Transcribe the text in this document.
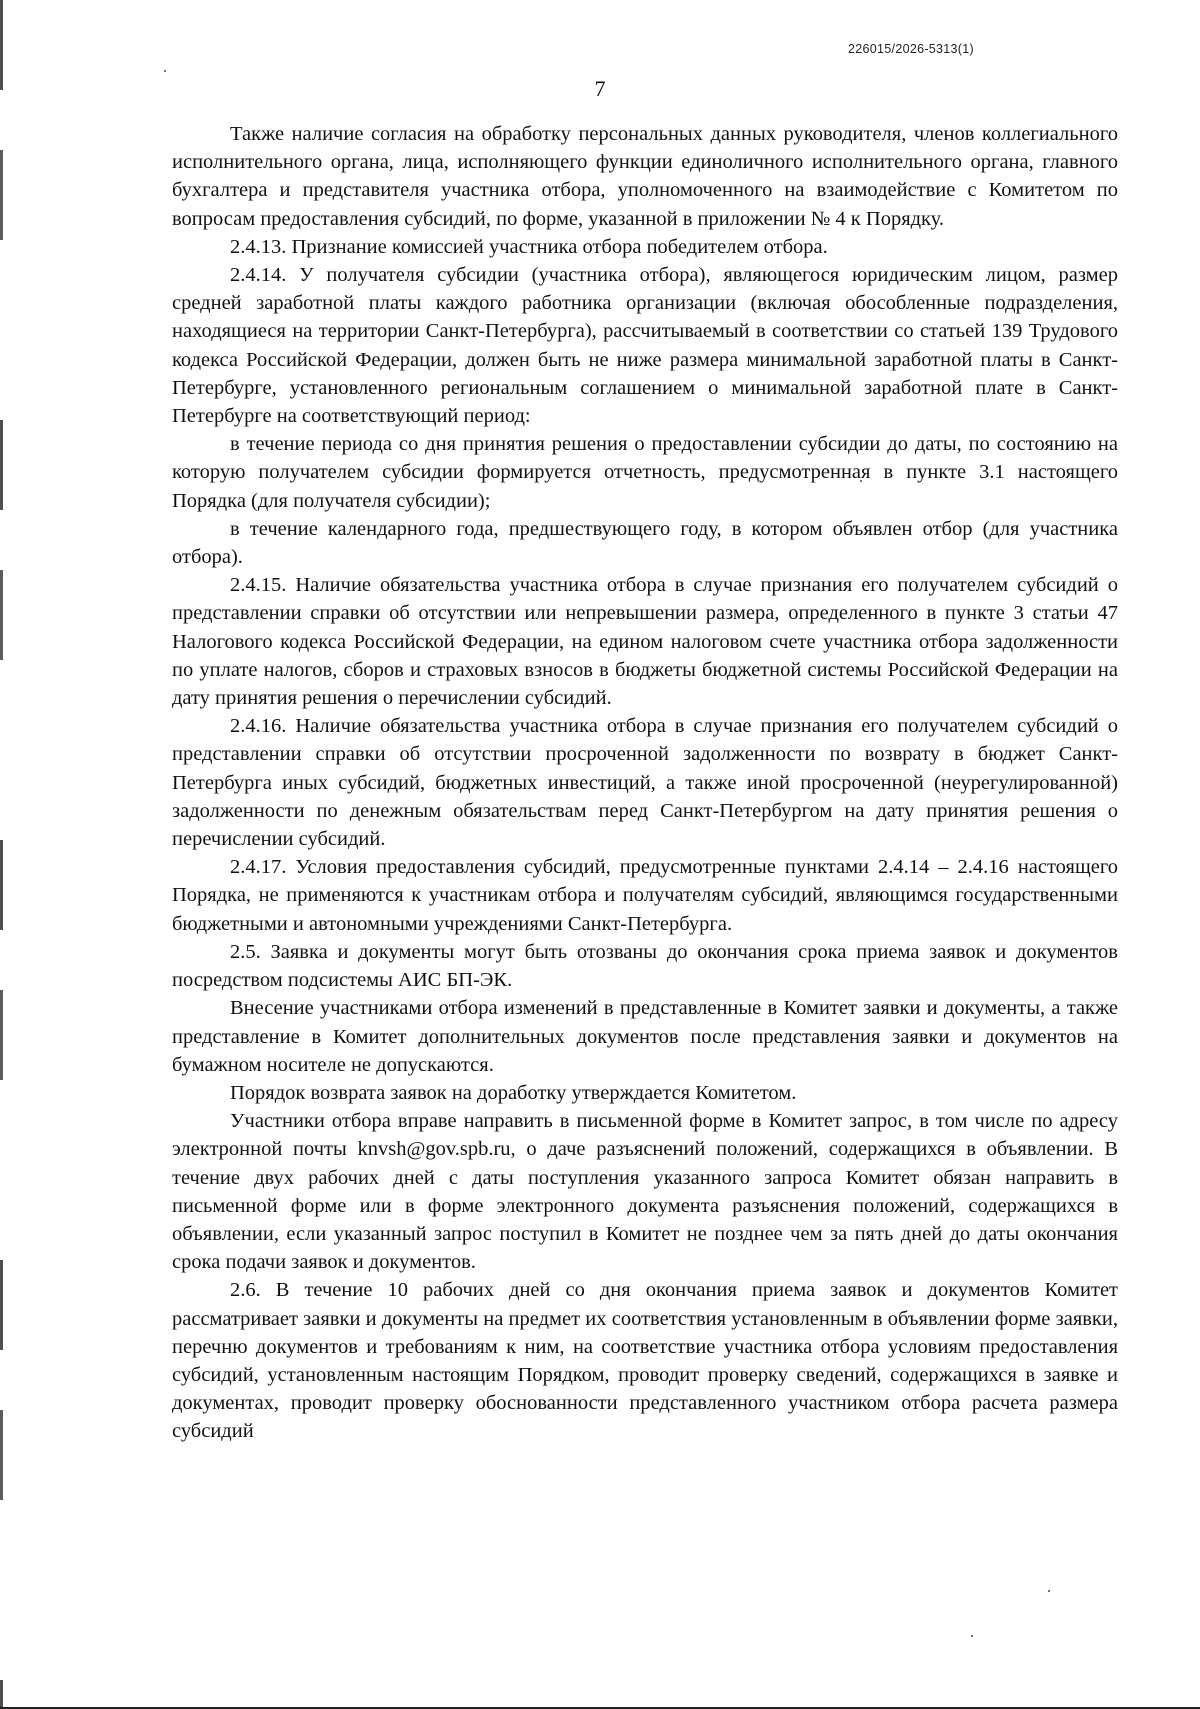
226015/2026-5313(1)
7

Также наличие согласия на обработку персональных данных руководителя, членов коллегиального исполнительного органа, лица, исполняющего функции единоличного исполнительного органа, главного бухгалтера и представителя участника отбора, уполномоченного на взаимодействие с Комитетом по вопросам предоставления субсидий, по форме, указанной в приложении № 4 к Порядку.

2.4.13. Признание комиссией участника отбора победителем отбора.

2.4.14. У получателя субсидии (участника отбора), являющегося юридическим лицом, размер средней заработной платы каждого работника организации (включая обособленные подразделения, находящиеся на территории Санкт-Петербурга), рассчитываемый в соответствии со статьей 139 Трудового кодекса Российской Федерации, должен быть не ниже размера минимальной заработной платы в Санкт-Петербурге, установленного региональным соглашением о минимальной заработной плате в Санкт-Петербурге на соответствующий период:

в течение периода со дня принятия решения о предоставлении субсидии до даты, по состоянию на которую получателем субсидии формируется отчетность, предусмотренная в пункте 3.1 настоящего Порядка (для получателя субсидии);

в течение календарного года, предшествующего году, в котором объявлен отбор (для участника отбора).

2.4.15. Наличие обязательства участника отбора в случае признания его получателем субсидий о представлении справки об отсутствии или непревышении размера, определенного в пункте 3 статьи 47 Налогового кодекса Российской Федерации, на едином налоговом счете участника отбора задолженности по уплате налогов, сборов и страховых взносов в бюджеты бюджетной системы Российской Федерации на дату принятия решения о перечислении субсидий.

2.4.16. Наличие обязательства участника отбора в случае признания его получателем субсидий о представлении справки об отсутствии просроченной задолженности по возврату в бюджет Санкт-Петербурга иных субсидий, бюджетных инвестиций, а также иной просроченной (неурегулированной) задолженности по денежным обязательствам перед Санкт-Петербургом на дату принятия решения о перечислении субсидий.

2.4.17. Условия предоставления субсидий, предусмотренные пунктами 2.4.14 – 2.4.16 настоящего Порядка, не применяются к участникам отбора и получателям субсидий, являющимся государственными бюджетными и автономными учреждениями Санкт-Петербурга.

2.5. Заявка и документы могут быть отозваны до окончания срока приема заявок и документов посредством подсистемы АИС БП-ЭК.

Внесение участниками отбора изменений в представленные в Комитет заявки и документы, а также представление в Комитет дополнительных документов после представления заявки и документов на бумажном носителе не допускаются.

Порядок возврата заявок на доработку утверждается Комитетом.

Участники отбора вправе направить в письменной форме в Комитет запрос, в том числе по адресу электронной почты knvsh@gov.spb.ru, о даче разъяснений положений, содержащихся в объявлении. В течение двух рабочих дней с даты поступления указанного запроса Комитет обязан направить в письменной форме или в форме электронного документа разъяснения положений, содержащихся в объявлении, если указанный запрос поступил в Комитет не позднее чем за пять дней до даты окончания срока подачи заявок и документов.

2.6. В течение 10 рабочих дней со дня окончания приема заявок и документов Комитет рассматривает заявки и документы на предмет их соответствия установленным в объявлении форме заявки, перечню документов и требованиям к ним, на соответствие участника отбора условиям предоставления субсидий, установленным настоящим Порядком, проводит проверку сведений, содержащихся в заявке и документах, проводит проверку обоснованности представленного участником отбора расчета размера субсидий
